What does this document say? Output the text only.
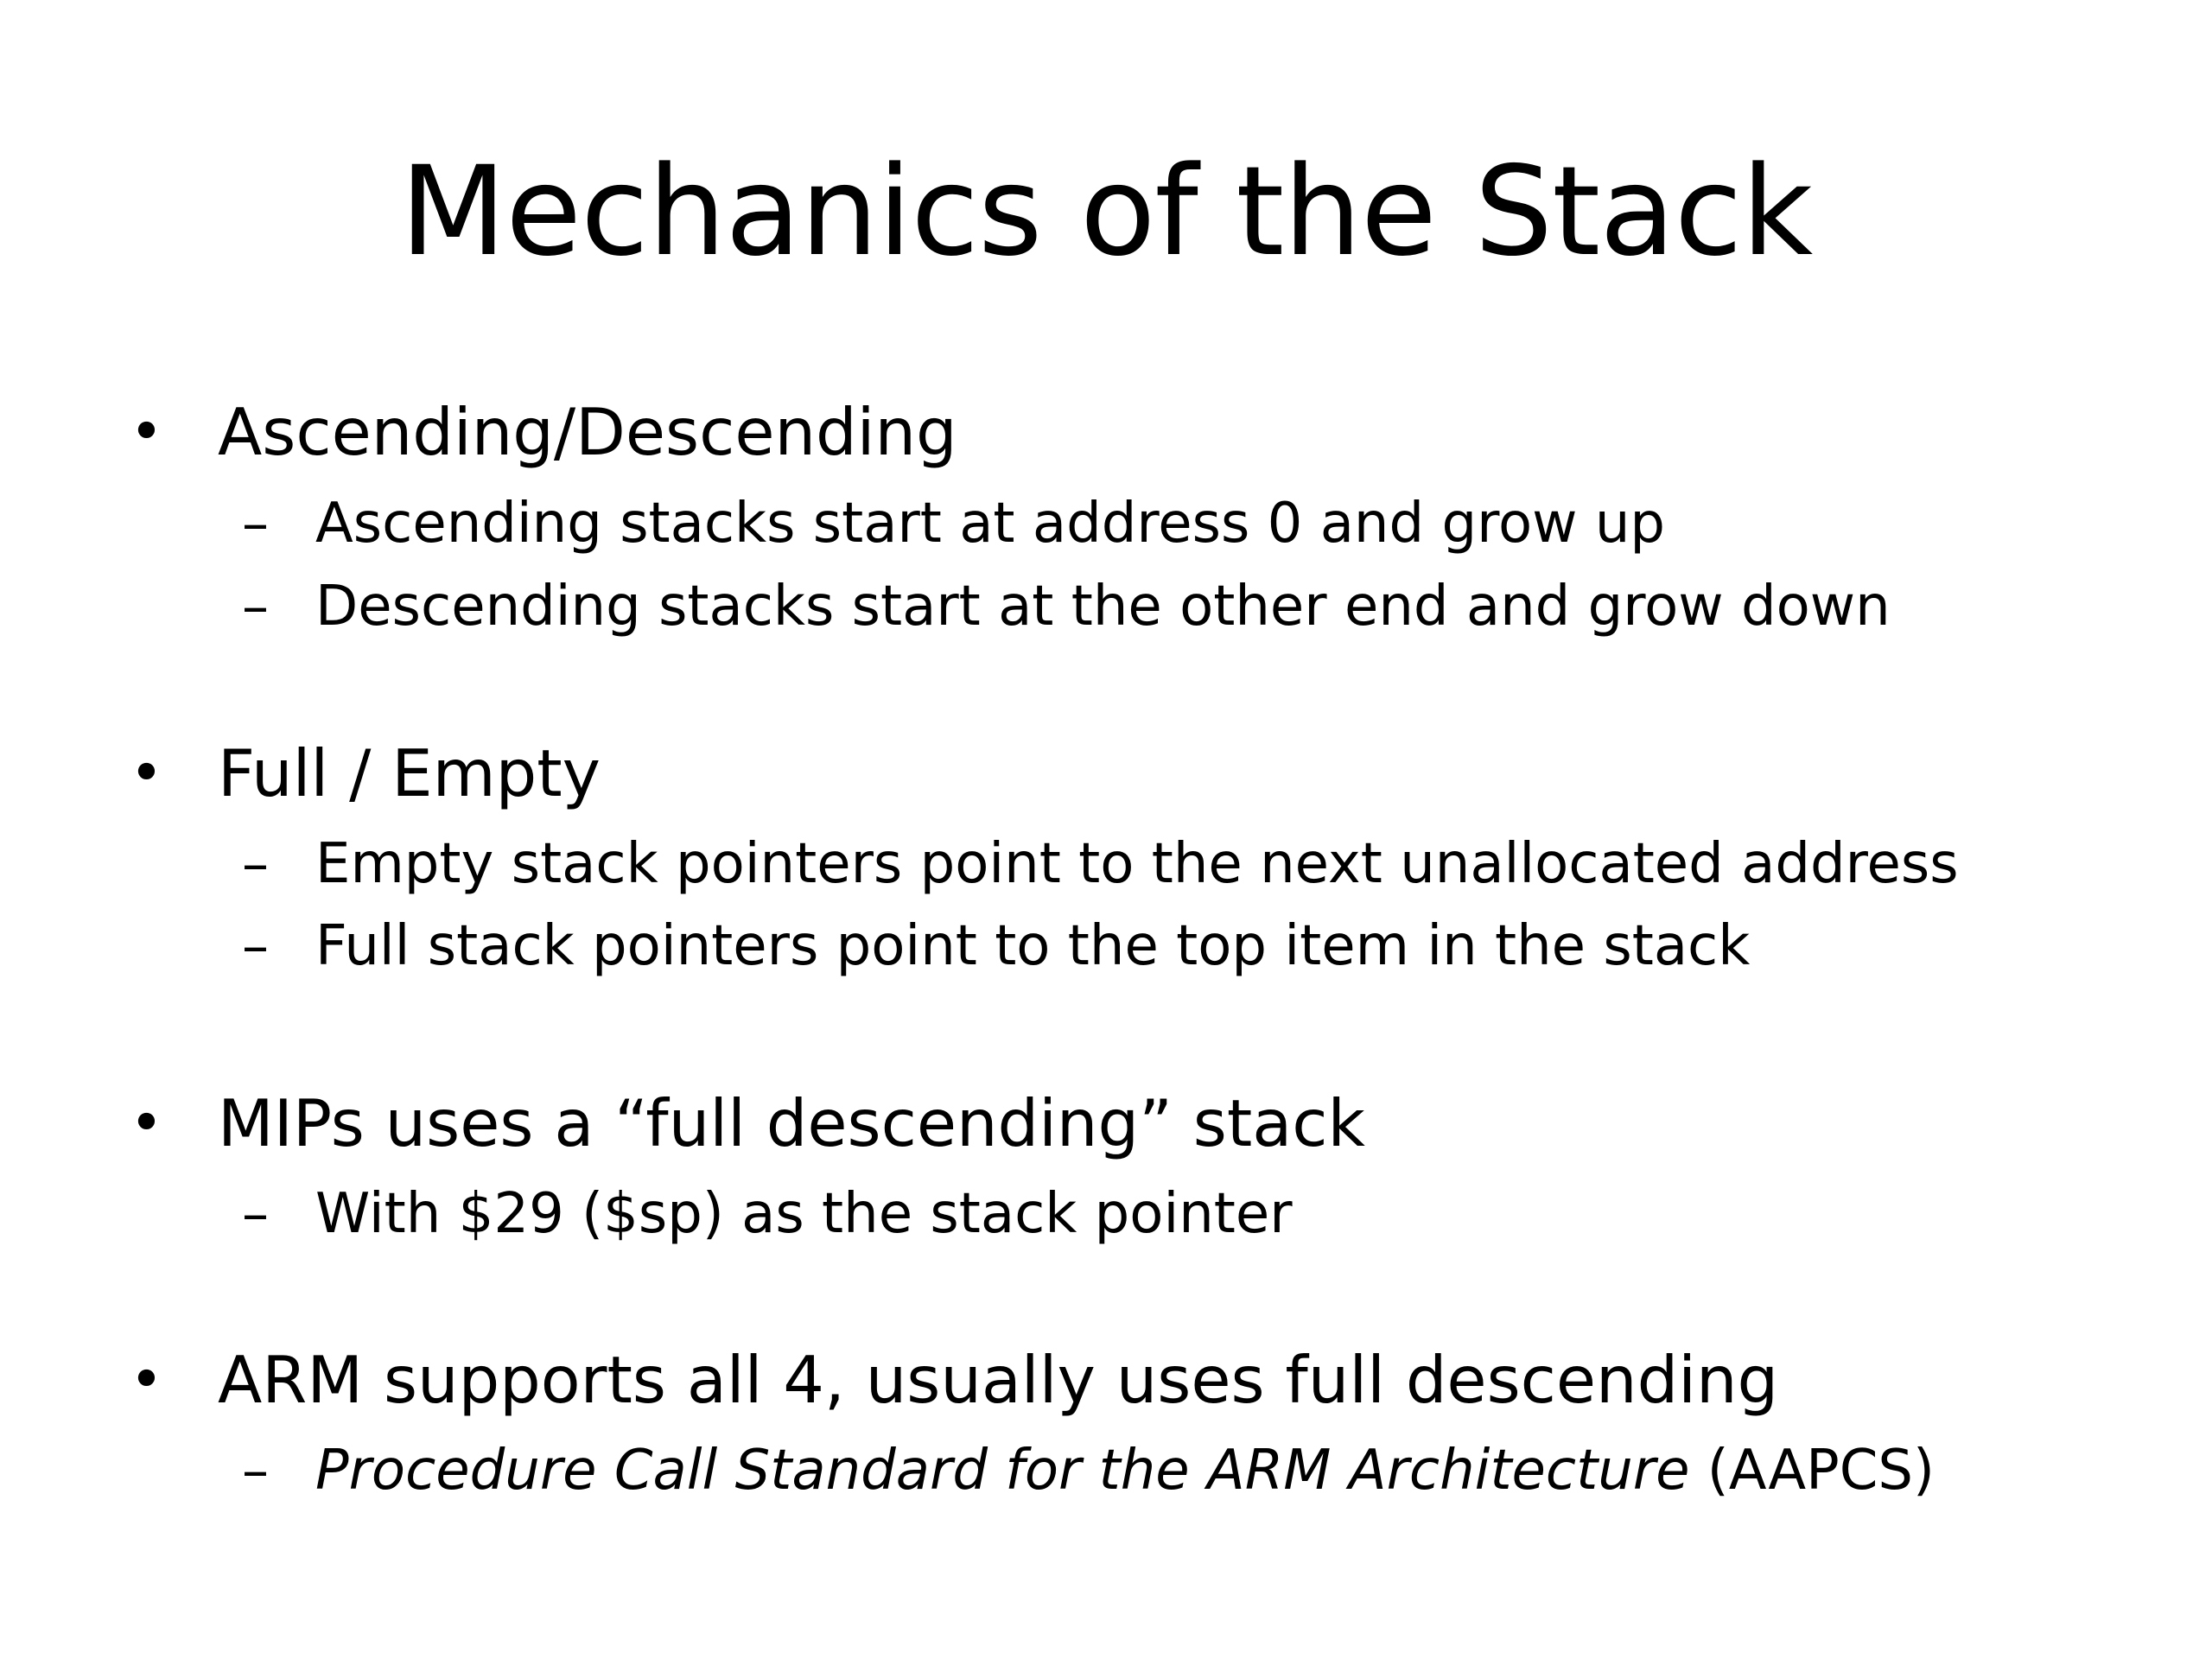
Mechanics of the Stack
• Ascending/Descending
– Ascending stacks start at address 0 and grow up
– Descending stacks start at the other end and grow down
• Full / Empty
– Empty stack pointers point to the next unallocated address
– Full stack pointers point to the top item in the stack
• MIPs uses a “full descending” stack
– With $29 ($sp) as the stack pointer
• ARM supports all 4, usually uses full descending
– Procedure Call Standard for the ARM Architecture (AAPCS)
